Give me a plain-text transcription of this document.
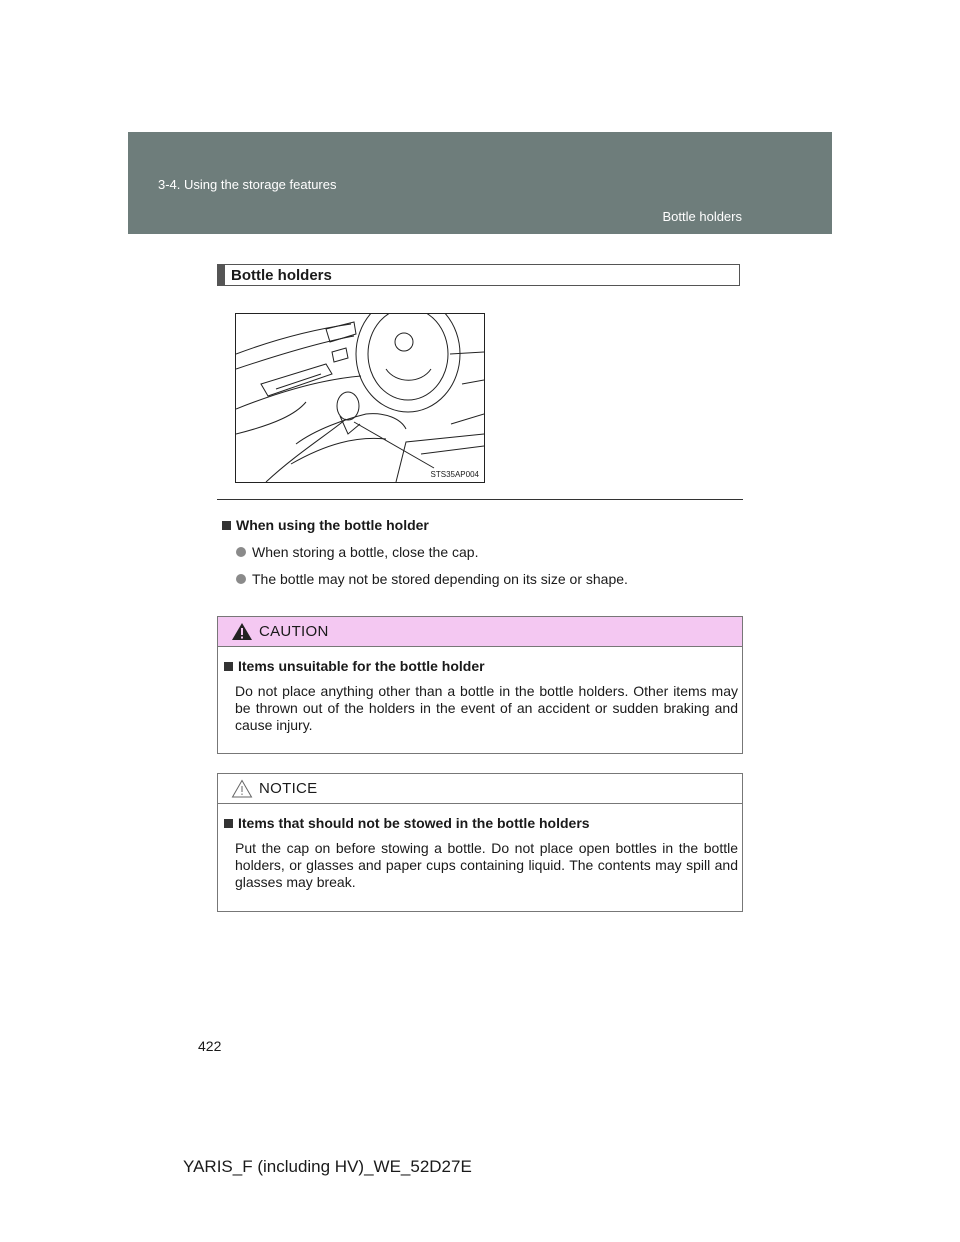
3-4. Using the storage features
Bottle holders
Bottle holders
STS35AP004
When using the bottle holder
When storing a bottle, close the cap.
The bottle may not be stored depending on its size or shape.
CAUTION
Items unsuitable for the bottle holder
Do not place anything other than a bottle in the bottle holders. Other items may be thrown out of the holders in the event of an accident or sudden braking and cause injury.
NOTICE
Items that should not be stowed in the bottle holders
Put the cap on before stowing a bottle. Do not place open bottles in the bottle holders, or glasses and paper cups containing liquid. The contents may spill and glasses may break.
422
YARIS_F (including HV)_WE_52D27E
